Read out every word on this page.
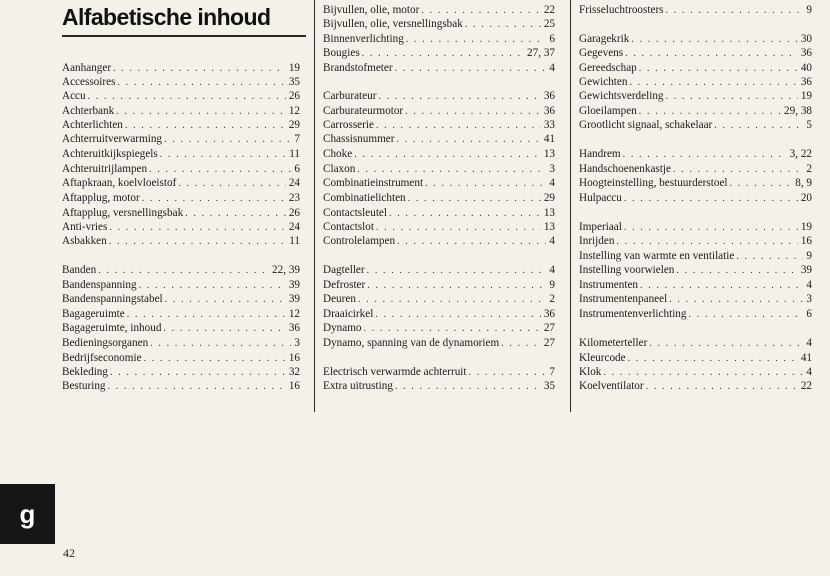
Alfabetische inhoud
Aanhanger . . .	19
Accessoires . . .	35
Accu . . .	26
Achterbank . . .	12
Achterlichten . . .	29
Achterruitverwarming . . .	7
Achteruitkijkspiegels . . .	11
Achteruitrijlampen . . .	6
Aftapkraan, koelvloeistof . . .	24
Aftapplug, motor . . .	23
Aftapplug, versnellingsbak . . .	26
Anti-vries . . .	24
Asbakken . . .	11
Banden . . .	22, 39
Bandenspanning . . .	39
Bandenspanningstabel . . .	39
Bagageruimte . . .	12
Bagageruimte, inhoud . . .	36
Bedieningsorganen . . .	3
Bedrijfseconomie . . .	16
Bekleding . . .	32
Besturing . . .	16
Bijvullen, olie, motor . . .	22
Bijvullen, olie, versnellingsbak . . .	25
Binnenverlichting . . .	6
Bougies . . .	27, 37
Brandstofmeter . . .	4
Carburateur . . .	36
Carburateurmotor . . .	36
Carrosserie . . .	33
Chassisnummer . . .	41
Choke . . .	13
Claxon . . .	3
Combinatieinstrument . . .	4
Combinatielichten . . .	29
Contactsleutel . . .	13
Contactslot . . .	13
Controlelampen . . .	4
Dagteller . . .	4
Defroster . . .	9
Deuren . . .	2
Draaicirkel . . .	36
Dynamo . . .	27
Dynamo, spanning van de dynamoriem . . .	27
Electrisch verwarmde achterruit . . .	7
Extra uitrusting . . .	35
Frisseluchtroosters . . .	9
Garagekrik . . .	30
Gegevens . . .	36
Gereedschap . . .	40
Gewichten . . .	36
Gewichtsverdeling . . .	19
Gloeilampen . . .	29, 38
Grootlicht signaal, schakelaar . . .	5
Handrem . . .	3, 22
Handschoenenkastje . . .	2
Hoogteinstelling, bestuurderstoel . . .	8, 9
Hulpaccu . . .	20
Imperiaal . . .	19
Inrijden . . .	16
Instelling van warmte en ventilatie . . .	9
Instelling voorwielen . . .	39
Instrumenten . . .	4
Instrumentenpaneel . . .	3
Instrumentenverlichting . . .	6
Kilometerteller . . .	4
Kleurcode . . .	41
Klok . . .	4
Koelventilator . . .	22
g
42
